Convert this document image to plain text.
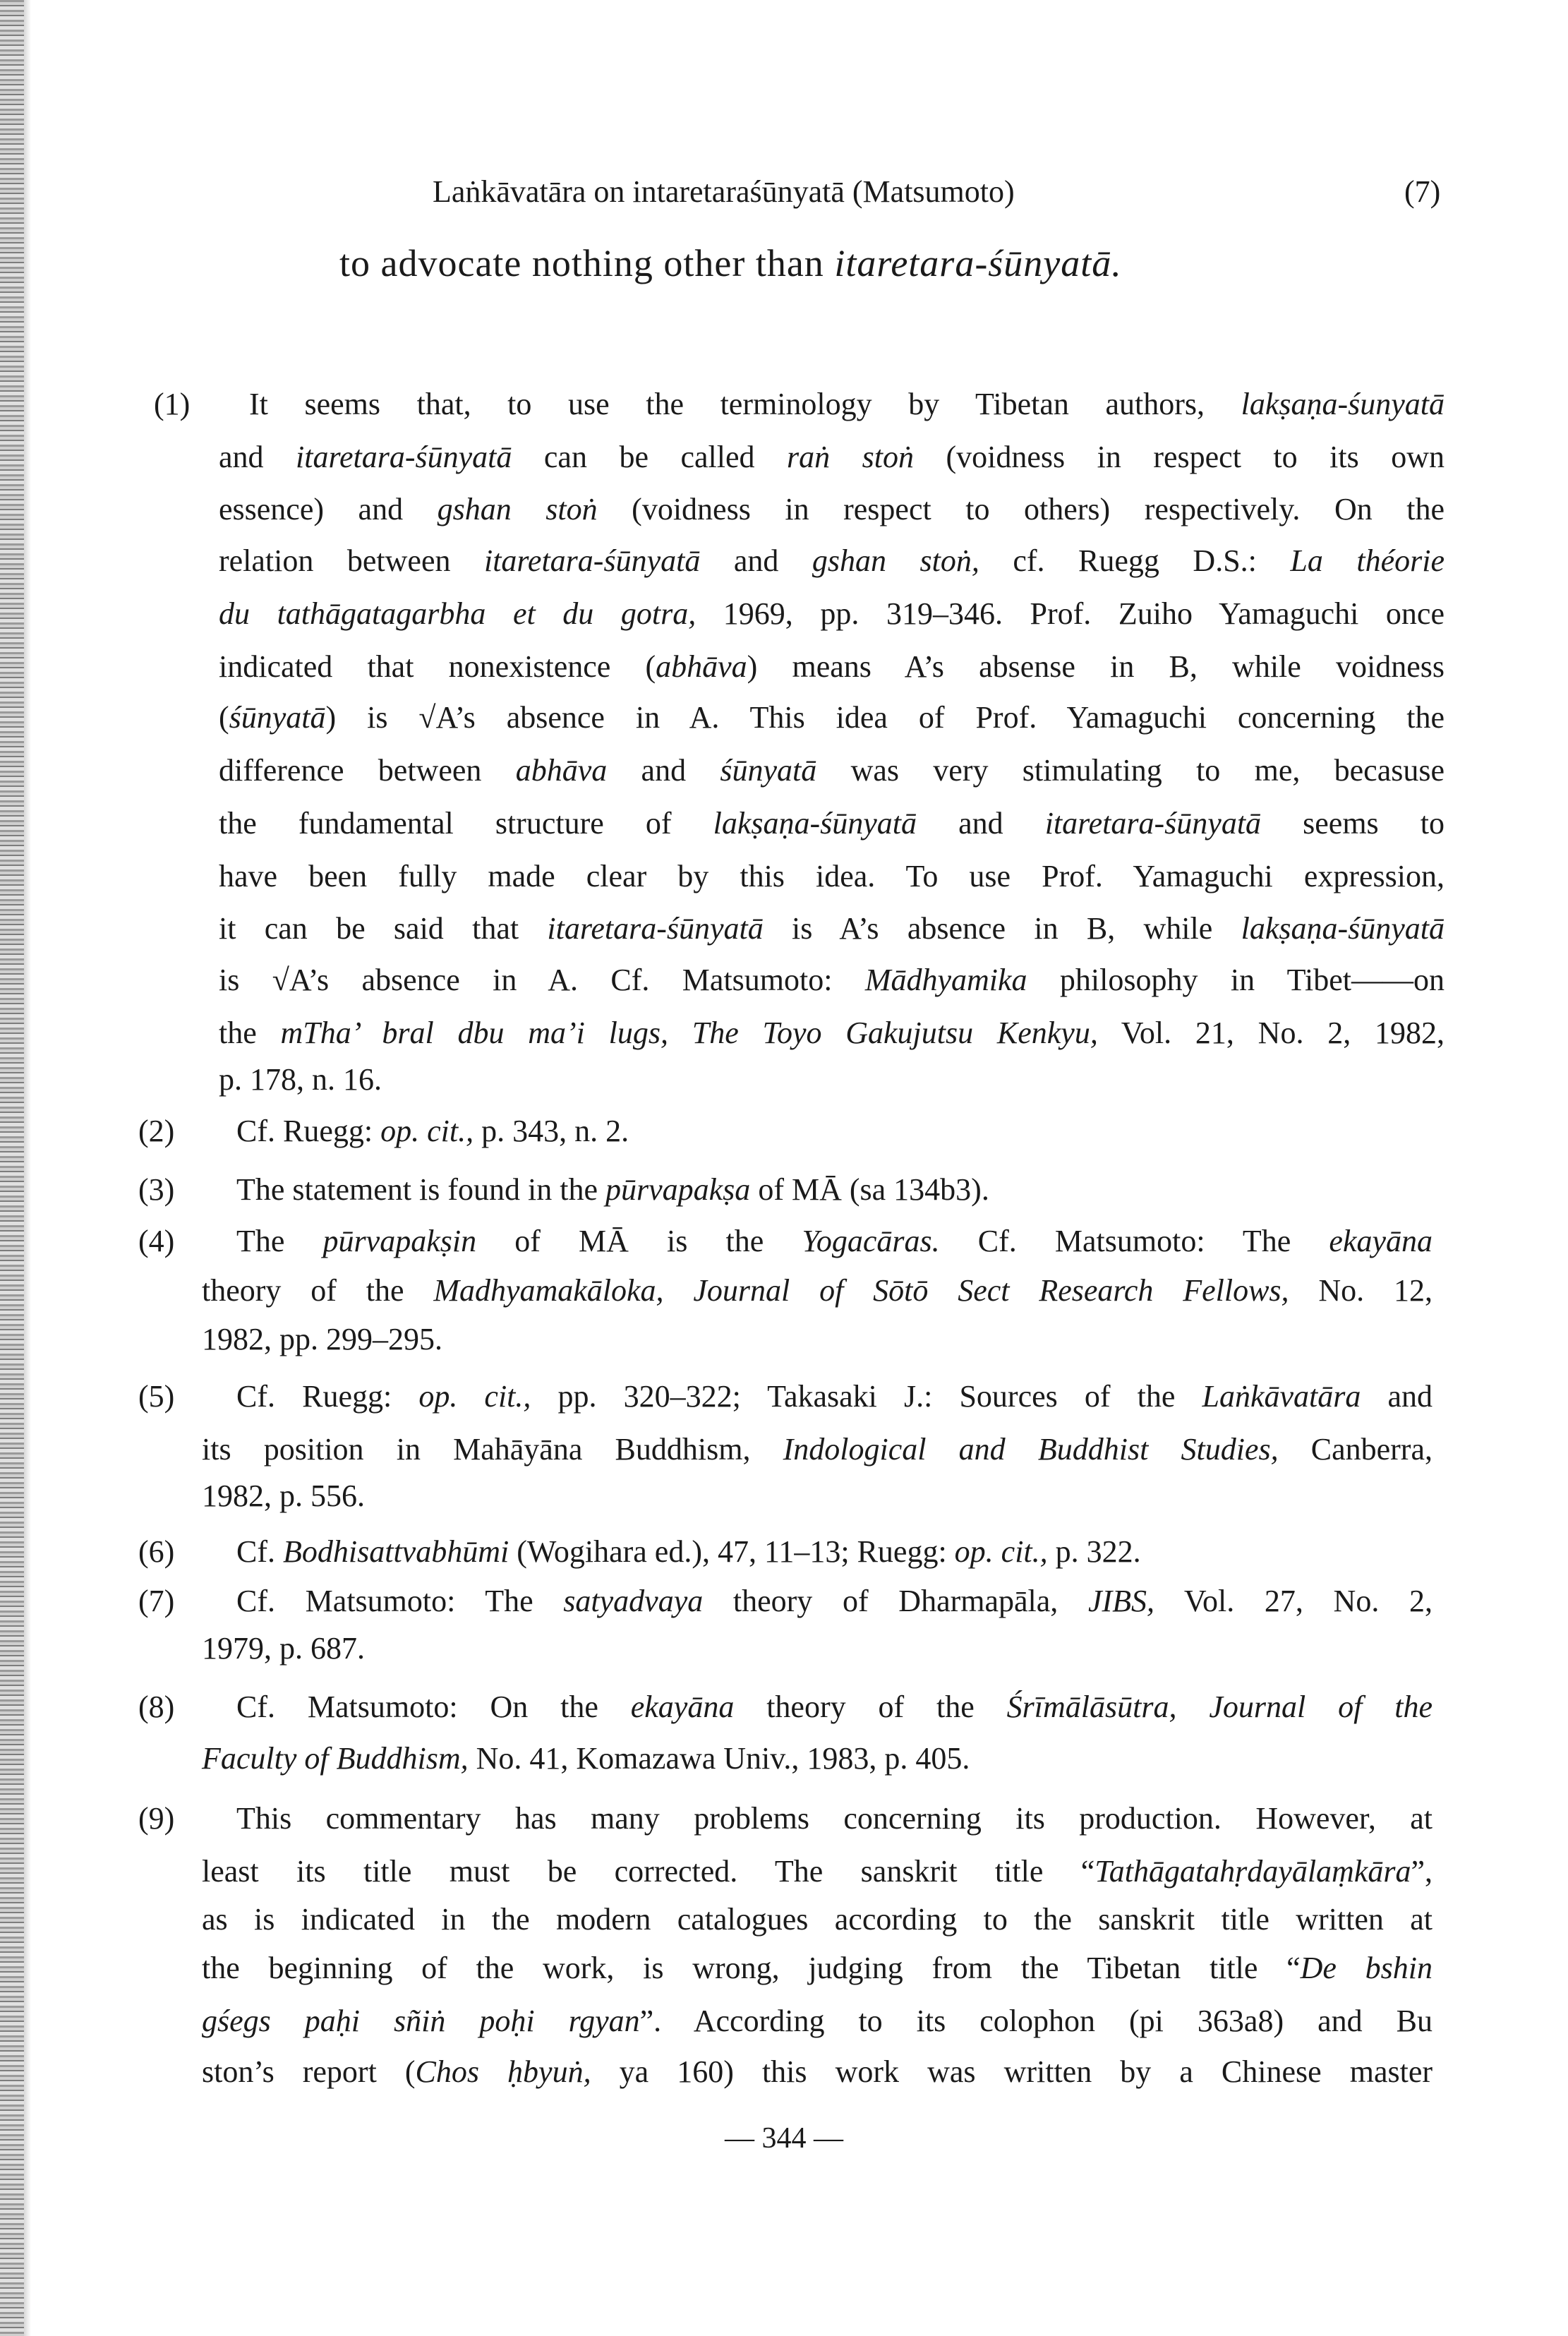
Laṅkāvatāra on intaretaraśūnyatā (Matsumoto)	(7)
to advocate nothing other than itaretara-śūnyatā.
(1) It seems that, to use the terminology by Tibetan authors, lakṣaṇa-śunyatā
and itaretara-śūnyatā can be called raṅ stoṅ (voidness in respect to its own
essence) and gshan stoṅ (voidness in respect to others) respectively. On the
relation between itaretara-śūnyatā and gshan stoṅ, cf. Ruegg D.S.: La théorie
du tathāgatagarbha et du gotra, 1969, pp. 319–346. Prof. Zuiho Yamaguchi once
indicated that nonexistence (abhāva) means A’s absense in B, while voidness
(śūnyatā) is √A’s absence in A. This idea of Prof. Yamaguchi concerning the
difference between abhāva and śūnyatā was very stimulating to me, becasuse
the fundamental structure of lakṣaṇa-śūnyatā and itaretara-śūnyatā seems to
have been fully made clear by this idea. To use Prof. Yamaguchi expression,
it can be said that itaretara-śūnyatā is A’s absence in B, while lakṣaṇa-śūnyatā
is √A’s absence in A. Cf. Matsumoto: Mādhyamika philosophy in Tibet——on
the mTha’ bral dbu ma’i lugs, The Toyo Gakujutsu Kenkyu, Vol. 21, No. 2, 1982,
p. 178, n. 16.
(2) Cf. Ruegg: op. cit., p. 343, n. 2.
(3) The statement is found in the pūrvapakṣa of MĀ (sa 134b3).
(4) The pūrvapakṣin of MĀ is the Yogacāras. Cf. Matsumoto: The ekayāna
theory of the Madhyamakāloka, Journal of Sōtō Sect Research Fellows, No. 12,
1982, pp. 299–295.
(5) Cf. Ruegg: op. cit., pp. 320–322; Takasaki J.: Sources of the Laṅkāvatāra and
its position in Mahāyāna Buddhism, Indological and Buddhist Studies, Canberra,
1982, p. 556.
(6) Cf. Bodhisattvabhūmi (Wogihara ed.), 47, 11–13; Ruegg: op. cit., p. 322.
(7) Cf. Matsumoto: The satyadvaya theory of Dharmapāla, JIBS, Vol. 27, No. 2,
1979, p. 687.
(8) Cf. Matsumoto: On the ekayāna theory of the Śrīmālāsūtra, Journal of the
Faculty of Buddhism, No. 41, Komazawa Univ., 1983, p. 405.
(9) This commentary has many problems concerning its production. However, at
least its title must be corrected. The sanskrit title “Tathāgatahṛdayālaṃkāra”,
as is indicated in the modern catalogues according to the sanskrit title written at
the beginning of the work, is wrong, judging from the Tibetan title “De bshin
gśegs paḥi sñiṅ poḥi rgyan”. According to its colophon (pi 363a8) and Bu
ston’s report (Chos ḥbyuṅ, ya 160) this work was written by a Chinese master
— 344 —
